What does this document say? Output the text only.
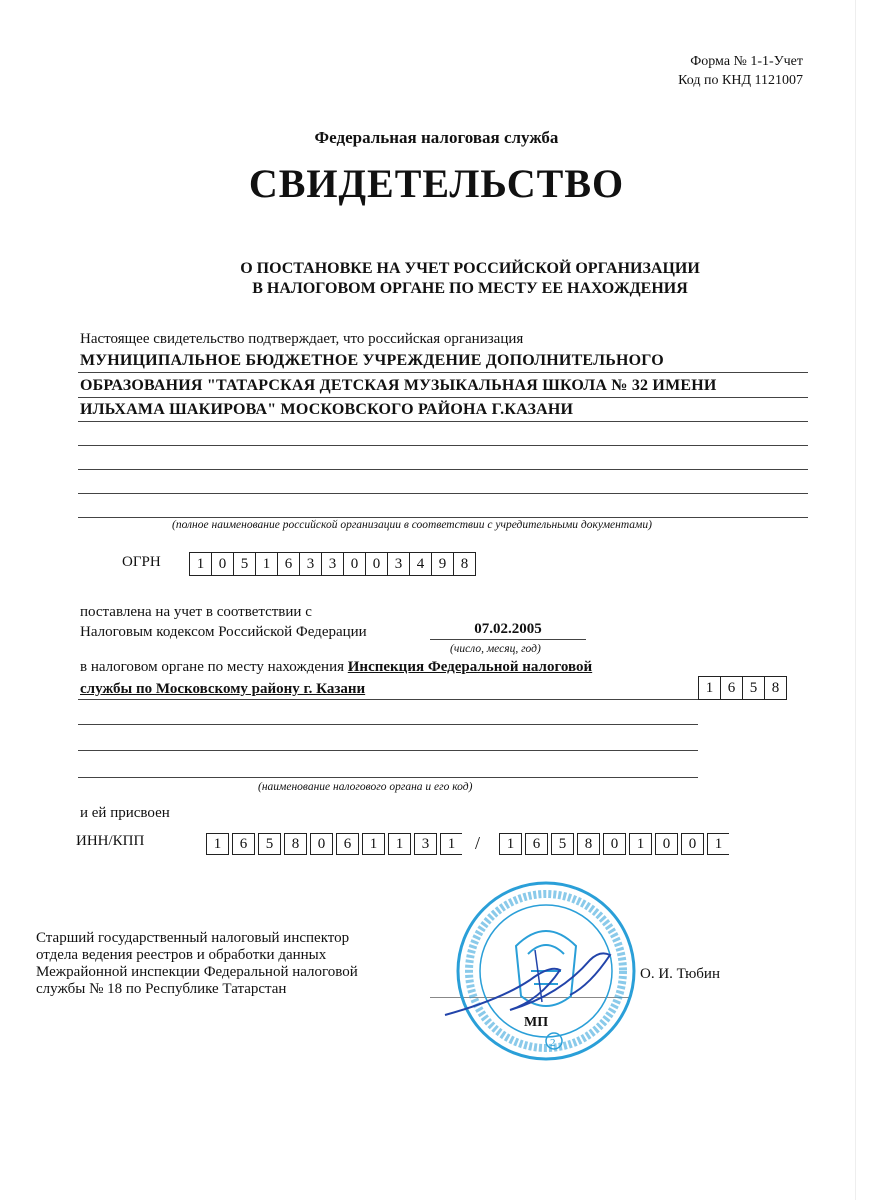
Форма № 1-1-Учет
Код по КНД 1121007
Федеральная налоговая служба
СВИДЕТЕЛЬСТВО
О ПОСТАНОВКЕ НА УЧЕТ РОССИЙСКОЙ ОРГАНИЗАЦИИ
В НАЛОГОВОМ ОРГАНЕ ПО МЕСТУ ЕЕ НАХОЖДЕНИЯ
Настоящее свидетельство подтверждает, что российская организация
МУНИЦИПАЛЬНОЕ БЮДЖЕТНОЕ УЧРЕЖДЕНИЕ ДОПОЛНИТЕЛЬНОГО
ОБРАЗОВАНИЯ "ТАТАРСКАЯ ДЕТСКАЯ МУЗЫКАЛЬНАЯ ШКОЛА № 32 ИМЕНИ
ИЛЬХАМА ШАКИРОВА" МОСКОВСКОГО РАЙОНА Г.КАЗАНИ
(полное наименование российской организации в соответствии с учредительными документами)
ОГРН	1 0 5 1 6 3 3 0 0 3 4 9 8
поставлена на учет в соответствии с
Налоговым кодексом Российской Федерации	07.02.2005
(число, месяц, год)
в налоговом органе по месту нахождения Инспекция Федеральной налоговой
службы по Московскому району г. Казани	1 6 5 8
(наименование налогового органа и его код)
и ей присвоен
ИНН/КПП	1	6	5	8	0	6	1	1	3	1	/	1	6	5	8	0	1	0	0	1
Старший государственный налоговый инспектор
отдела ведения реестров и обработки данных
Межрайонной инспекции Федеральной налоговой
службы № 18 по Республике Татарстан
МП
2
О. И. Тюбин
